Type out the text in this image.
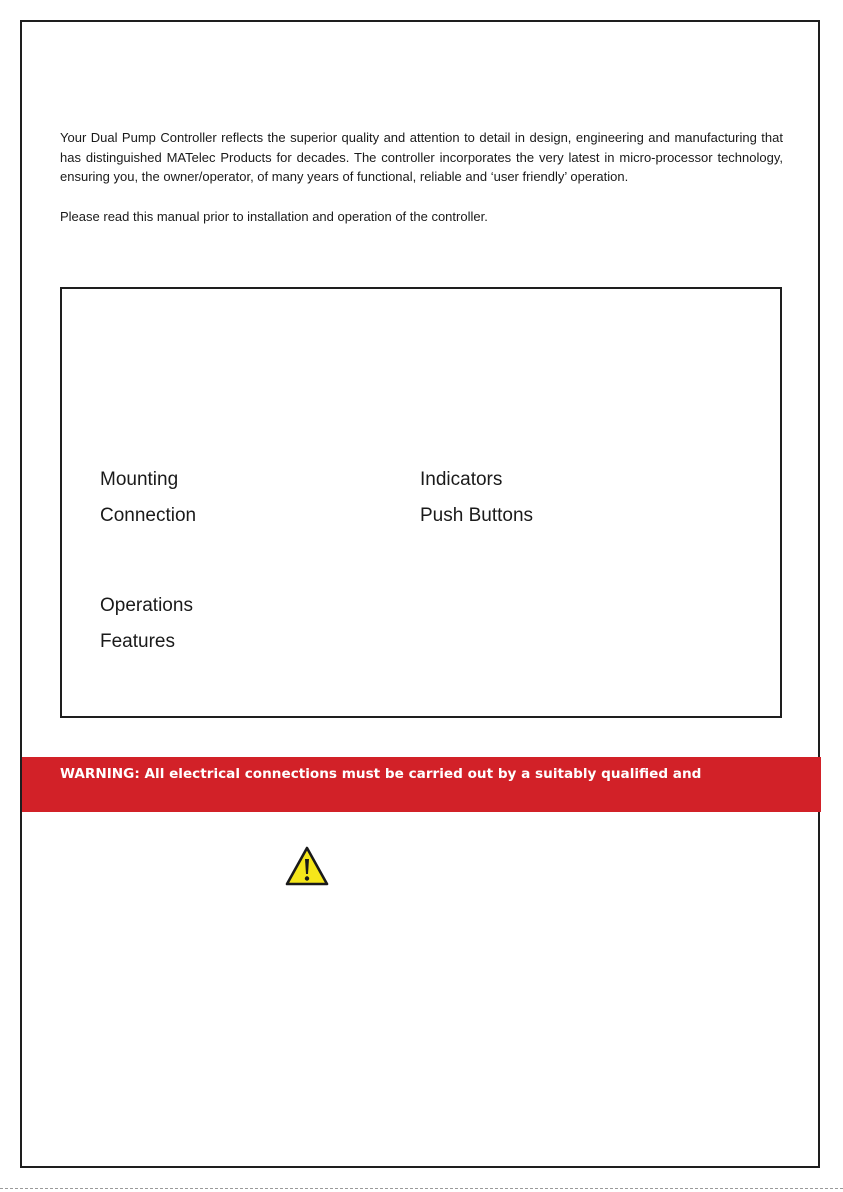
Your Dual Pump Controller reflects the superior quality and attention to detail in design, engineering and manufacturing that has distinguished MATelec Products for decades. The controller incorporates the very latest in micro-processor technology, ensuring you, the owner/operator, of many years of functional, reliable and ‘user friendly’ operation.

Please read this manual prior to installation and operation of the controller.

Mounting	Indicators
Connection	Push Buttons
Operations
Features
WARNING: All electrical connections must be carried out by a suitably qualified and
